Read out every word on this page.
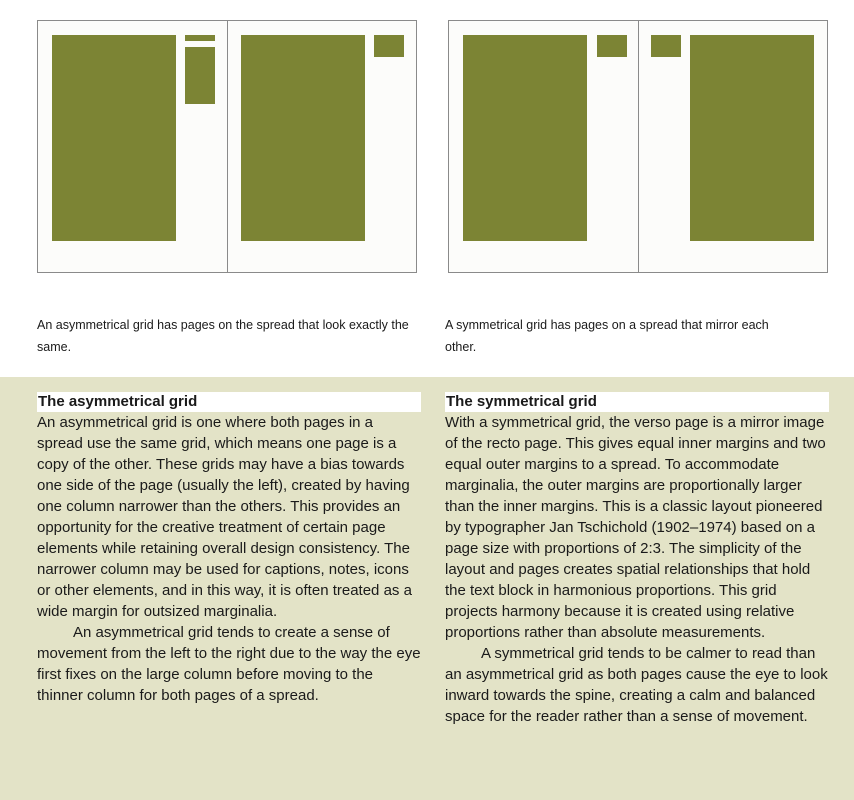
An asymmetrical grid has pages on the spread that look exactly the same.
A symmetrical grid has pages on a spread that mirror each other.
The asymmetrical grid

An asymmetrical grid is one where both pages in a spread use the same grid, which means one page is a copy of the other. These grids may have a bias towards one side of the page (usually the left), created by having one column narrower than the others. This provides an opportunity for the creative treatment of certain page elements while retaining overall design consistency. The narrower column may be used for captions, notes, icons or other elements, and in this way, it is often treated as a wide margin for outsized marginalia.

An asymmetrical grid tends to create a sense of movement from the left to the right due to the way the eye first fixes on the large column before moving to the thinner column for both pages of a spread.

The symmetrical grid

With a symmetrical grid, the verso page is a mirror image of the recto page. This gives equal inner margins and two equal outer margins to a spread. To accommodate marginalia, the outer margins are proportionally larger than the inner margins. This is a classic layout pioneered by typographer Jan Tschichold (1902–1974) based on a page size with proportions of 2:3. The simplicity of the layout and pages creates spatial relationships that hold the text block in harmonious proportions. This grid projects harmony because it is created using relative proportions rather than absolute measurements.

A symmetrical grid tends to be calmer to read than an asymmetrical grid as both pages cause the eye to look inward towards the spine, creating a calm and balanced space for the reader rather than a sense of movement.
